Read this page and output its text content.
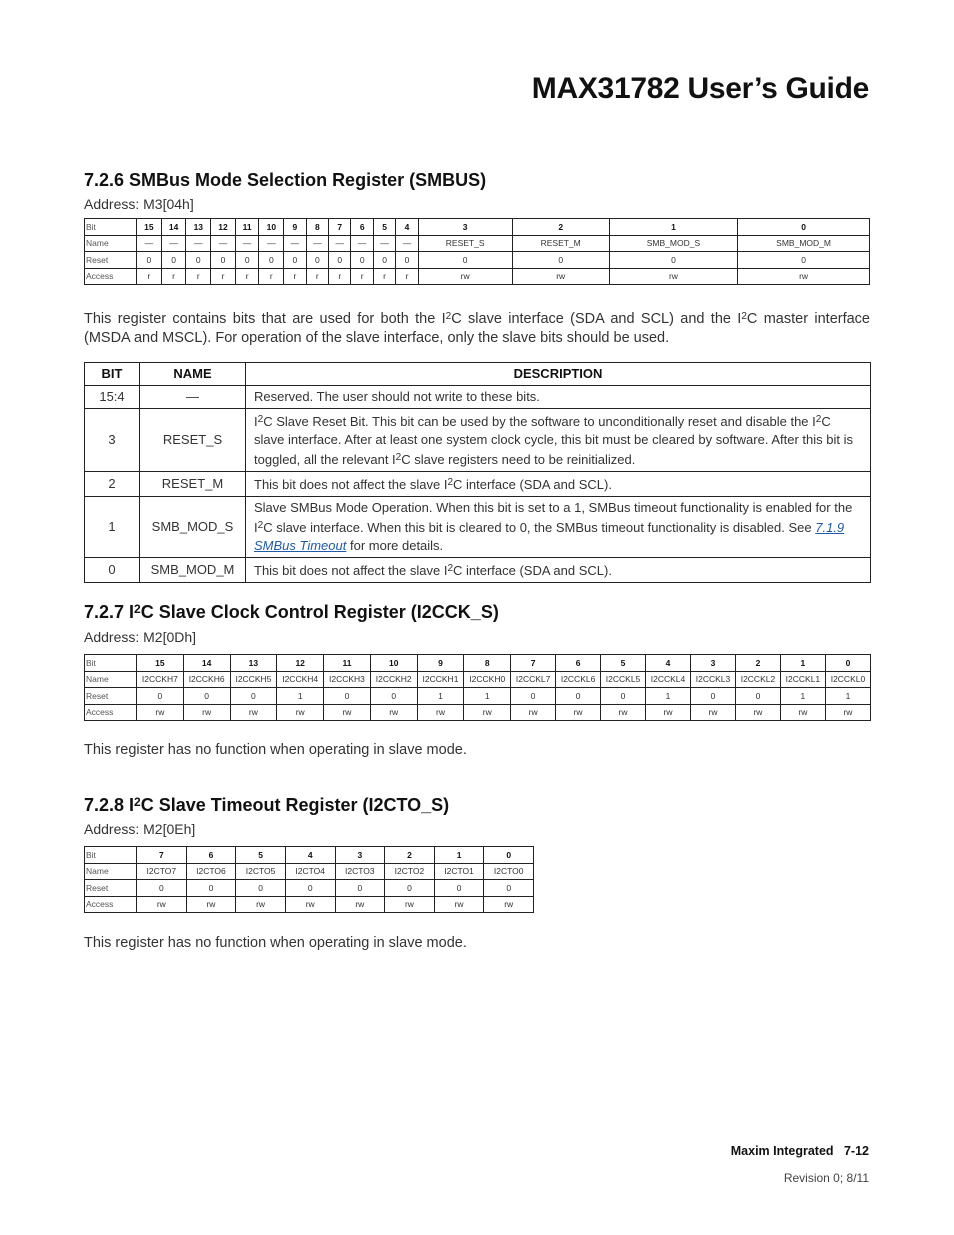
MAX31782 User’s Guide
7.2.6 SMBus Mode Selection Register (SMBUS)
Address: M3[04h]
Bit	15	14	13	12	11	10	9	8	7	6	5	4	3	2	1	0
Name	—	—	—	—	—	—	—	—	—	—	—	—	RESET_S	RESET_M	SMB_MOD_S	SMB_MOD_M
Reset	0	0	0	0	0	0	0	0	0	0	0	0	0	0	0	0
Access	r	r	r	r	r	r	r	r	r	r	r	r	rw	rw	rw	rw
This register contains bits that are used for both the $I^2C$ slave interface (SDA and SCL) and the $I^2C$ master interface (MSDA and MSCL). For operation of the slave interface, only the slave bits should be used.
BIT	NAME	DESCRIPTION
15:4	—	Reserved. The user should not write to these bits.
3	RESET_S	$I^2C$ Slave Reset Bit. This bit can be used by the software to unconditionally reset and disable the $I^2C$ slave interface. After at least one system clock cycle, this bit must be cleared by software. After this bit is toggled, all the relevant $I^2C$ slave registers need to be reinitialized.
2	RESET_M	This bit does not affect the slave $I^2C$ interface (SDA and SCL).
1	SMB_MOD_S	Slave SMBus Mode Operation. When this bit is set to a 1, SMBus timeout functionality is enabled for the $I^2C$ slave interface. When this bit is cleared to 0, the SMBus timeout functionality is disabled. See 7.1.9 SMBus Timeout for more details.
0	SMB_MOD_M	This bit does not affect the slave $I^2C$ interface (SDA and SCL).
7.2.7 $I^2C$ Slave Clock Control Register (I2CCK_S)
Address: M2[0Dh]
Bit	15	14	13	12	11	10	9	8	7	6	5	4	3	2	1	0
Name	I2CCKH7	I2CCKH6	I2CCKH5	I2CCKH4	I2CCKH3	I2CCKH2	I2CCKH1	I2CCKH0	I2CCKL7	I2CCKL6	I2CCKL5	I2CCKL4	I2CCKL3	I2CCKL2	I2CCKL1	I2CCKL0
Reset	0	0	0	1	0	0	1	1	0	0	0	1	0	0	1	1
Access	rw	rw	rw	rw	rw	rw	rw	rw	rw	rw	rw	rw	rw	rw	rw	rw
This register has no function when operating in slave mode.
7.2.8 $I^2C$ Slave Timeout Register (I2CTO_S)
Address: M2[0Eh]
Bit	7	6	5	4	3	2	1	0
Name	I2CTO7	I2CTO6	I2CTO5	I2CTO4	I2CTO3	I2CTO2	I2CTO1	I2CTO0
Reset	0	0	0	0	0	0	0	0
Access	rw	rw	rw	rw	rw	rw	rw	rw
This register has no function when operating in slave mode.
Maxim Integrated   7-12
Revision 0; 8/11
